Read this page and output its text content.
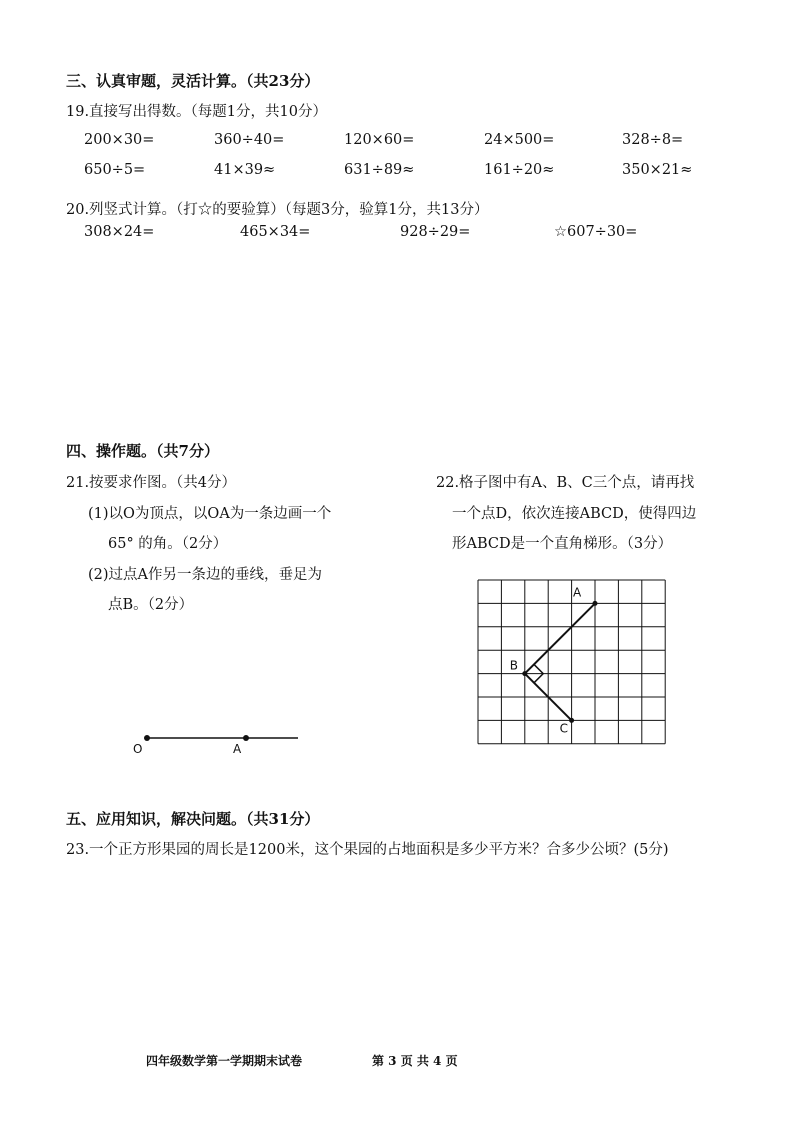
三、认真审题，灵活计算。（共23分）
19.直接写出得数。（每题1分，共10分）
200×30=	360÷40=	120×60=	24×500=	328÷8=
650÷5=	41×39≈	631÷89≈	161÷20≈	350×21≈
20.列竖式计算。（打☆的要验算）（每题3分，验算1分，共13分）
308×24=	465×34=	928÷29=	☆607÷30=
四、操作题。（共7分）
21.按要求作图。（共4分）
(1)以O为顶点，以OA为一条边画一个
65° 的角。（2分）
(2)过点A作另一条边的垂线，垂足为
点B。（2分）
O	A
22.格子图中有A、B、C三个点，请再找
一个点D，依次连接ABCD，使得四边
形ABCD是一个直角梯形。（3分）
A
B
C
五、应用知识，解决问题。（共31分）
23.一个正方形果园的周长是1200米，这个果园的占地面积是多少平方米？合多少公顷？(5分)
四年级数学第一学期期末试卷	第 3 页 共 4 页
